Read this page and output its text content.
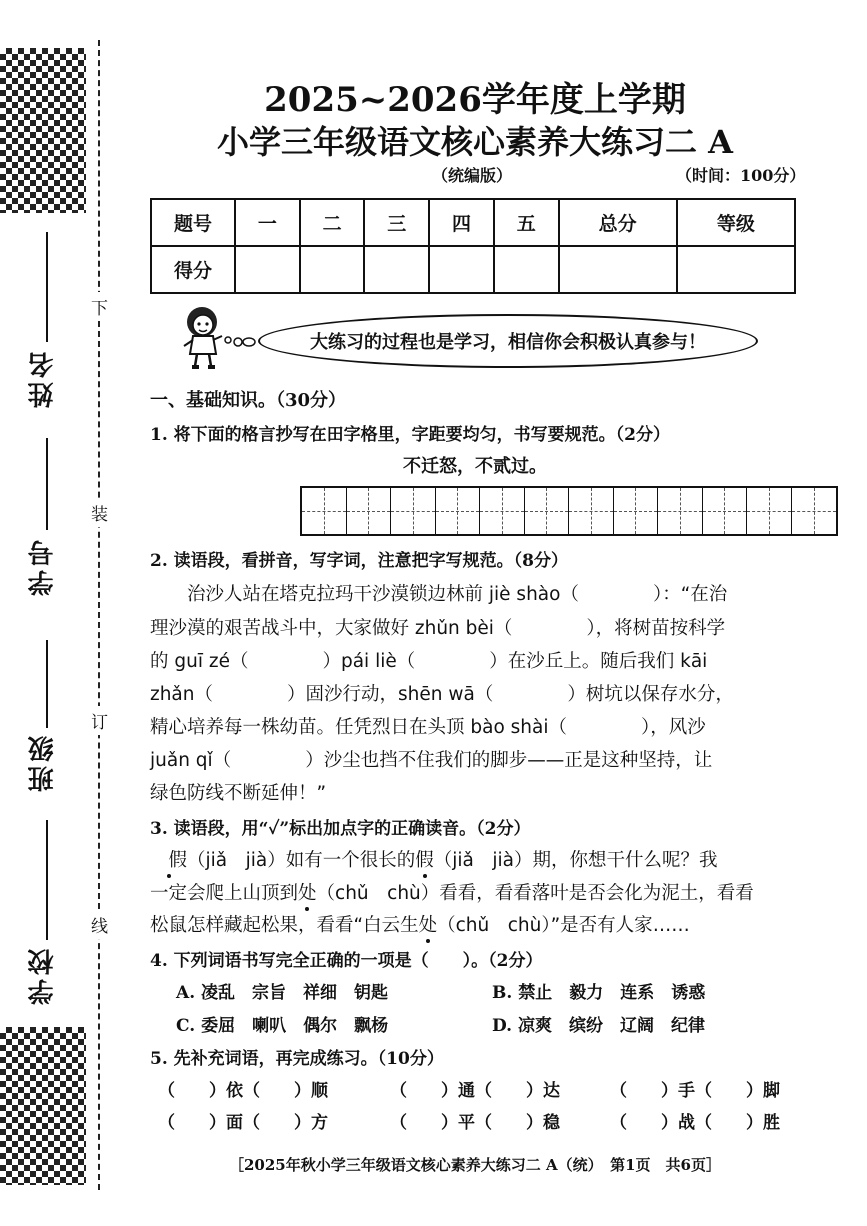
姓名
学号
班级
学校
下
装
订
线
2025~2026学年度上学期
小学三年级语文核心素养大练习二 A
（统编版）	（时间：100分）
题号	一	二	三	四	五	总分	等级
得分							
大练习的过程也是学习，相信你会积极认真参与！
一、基础知识。（30分）
1. 将下面的格言抄写在田字格里，字距要均匀，书写要规范。（2分）
不迁怒，不贰过。
2. 读语段，看拼音，写字词，注意把字写规范。（8分）
　　治沙人站在塔克拉玛干沙漠锁边林前 jiè shào（　　　　）：“在治
理沙漠的艰苦战斗中，大家做好 zhǔn bèi（　　　　），将树苗按科学
的 guī zé（　　　　）pái liè（　　　　）在沙丘上。随后我们 kāi
zhǎn（　　　　）固沙行动，shēn wā（　　　　）树坑以保存水分，
精心培养每一株幼苗。任凭烈日在头顶 bào shài（　　　　），风沙
juǎn qǐ（　　　　）沙尘也挡不住我们的脚步——正是这种坚持，让
绿色防线不断延伸！”
3. 读语段，用“✓”标出加点字的正确读音。（2分）
　假（jiǎ　jià）如有一个很长的假（jiǎ　jià）期，你想干什么呢？我
一定会爬上山顶到处（chǔ　chù）看看，看看落叶是否会化为泥土，看看
松鼠怎样藏起松果，看看“白云生处（chǔ　chù）”是否有人家……
4. 下列词语书写完全正确的一项是（　　）。（2分）
A. 凌乱　宗旨　祥细　钥匙	B. 禁止　毅力　连系　诱惑
C. 委屈　喇叭　偶尔　飘杨	D. 凉爽　缤纷　辽阔　纪律
5. 先补充词语，再完成练习。（10分）
（　　）依（　　）顺	（　　）通（　　）达	（　　）手（　　）脚
（　　）面（　　）方	（　　）平（　　）稳	（　　）战（　　）胜
［2025年秋小学三年级语文核心素养大练习二 A（统）　第1页　共6页］
